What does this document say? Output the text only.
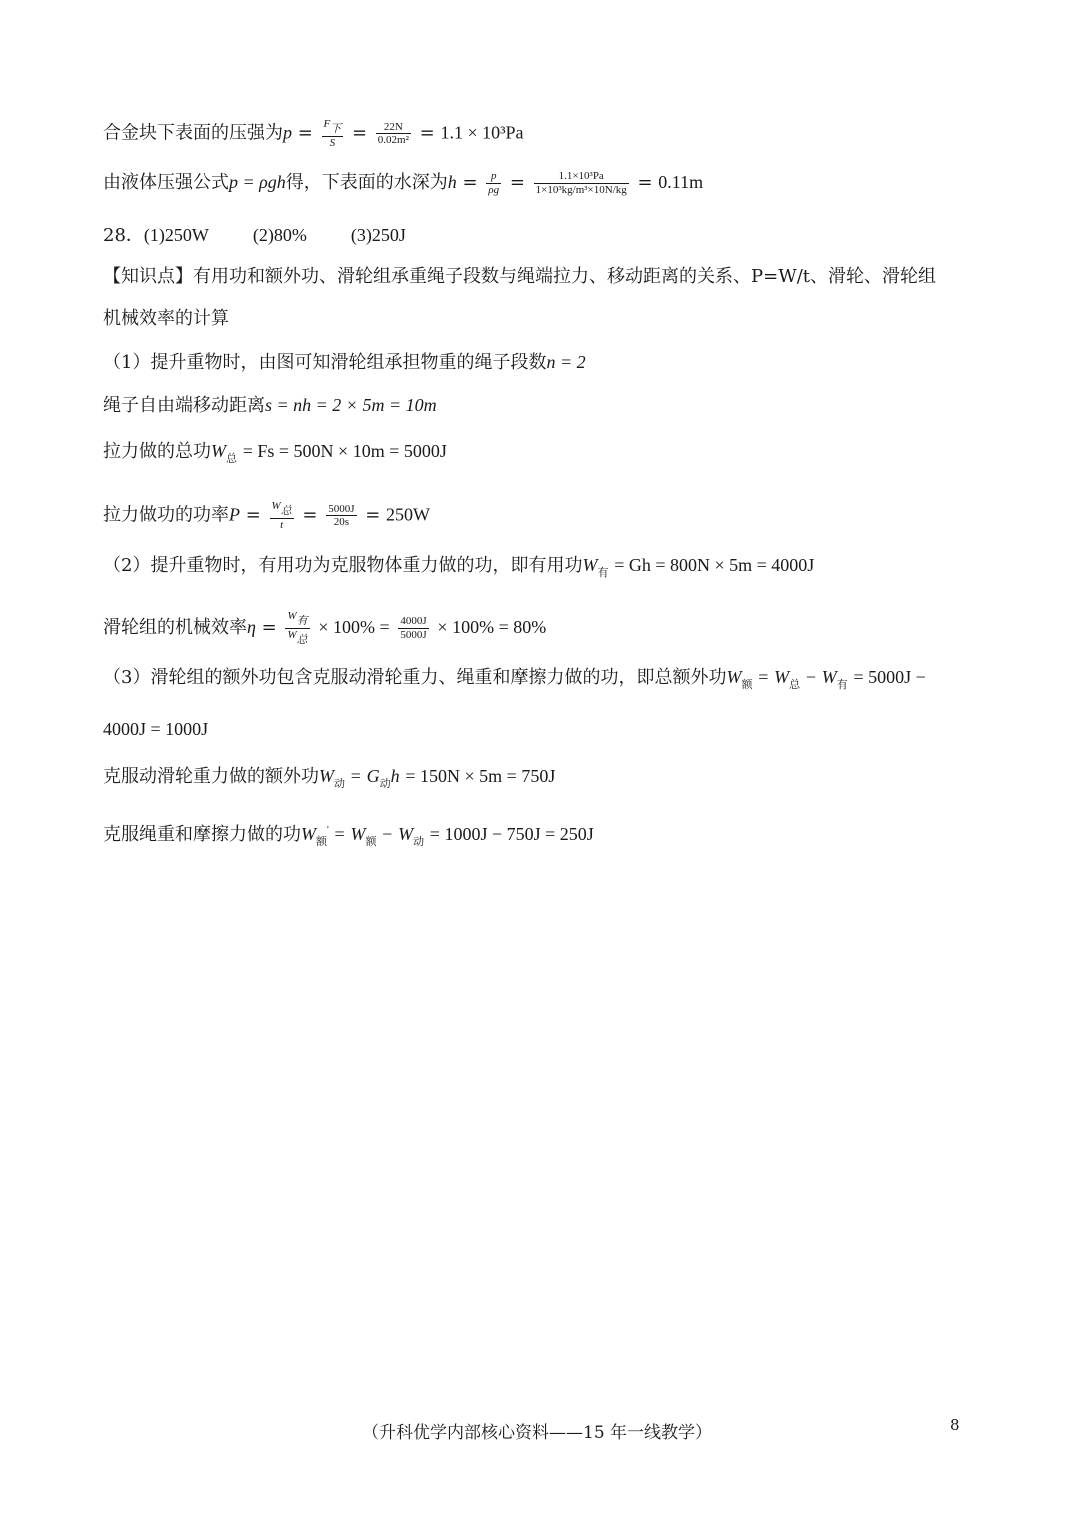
合金块下表面的压强为$p = \frac{F_下}{S} = \frac{22N}{\text{0.02m²}} = 1.1 \times 10^3Pa$
由液体压强公式p = ρgh得，下表面的水深为$h = \frac{p}{\rho g} = \frac{\text{1.1×10³Pa}}{\text{1×10³kg/m³×10N/kg}} = 0.11m$
28．(1)250W (2)80% (3)250J
【知识点】有用功和额外功、滑轮组承重绳子段数与绳端拉力、移动距离的关系、P=W/t、滑轮、滑轮组
机械效率的计算
（1）提升重物时，由图可知滑轮组承担物重的绳子段数n = 2
绳子自由端移动距离s = nh = 2 × 5m = 10m
拉力做的总功$W_总 = Fs = 500N \times 10m = 5000J$
拉力做功的功率$P = \frac{W_总}{t} = \frac{5000J}{20s} = 250W$
（2）提升重物时，有用功为克服物体重力做的功，即有用功$W_有 = Gh = 800N \times 5m = 4000J$
滑轮组的机械效率$\eta = \frac{W_有}{W_总} \times 100\% = \frac{4000J}{5000J} \times 100\% = 80\%$
（3）滑轮组的额外功包含克服动滑轮重力、绳重和摩擦力做的功，即总额外功$W_额 = W_总 - W_有 = 5000J$ −
4000J = 1000J
克服动滑轮重力做的额外功$W_动 = G_动h = 150N \times 5m = 750J$
克服绳重和摩擦力做的功$W_额' = W_额 - W_动 = 1000J - 750J = 250J$
（升科优学内部核心资料——15 年一线教学）	8
